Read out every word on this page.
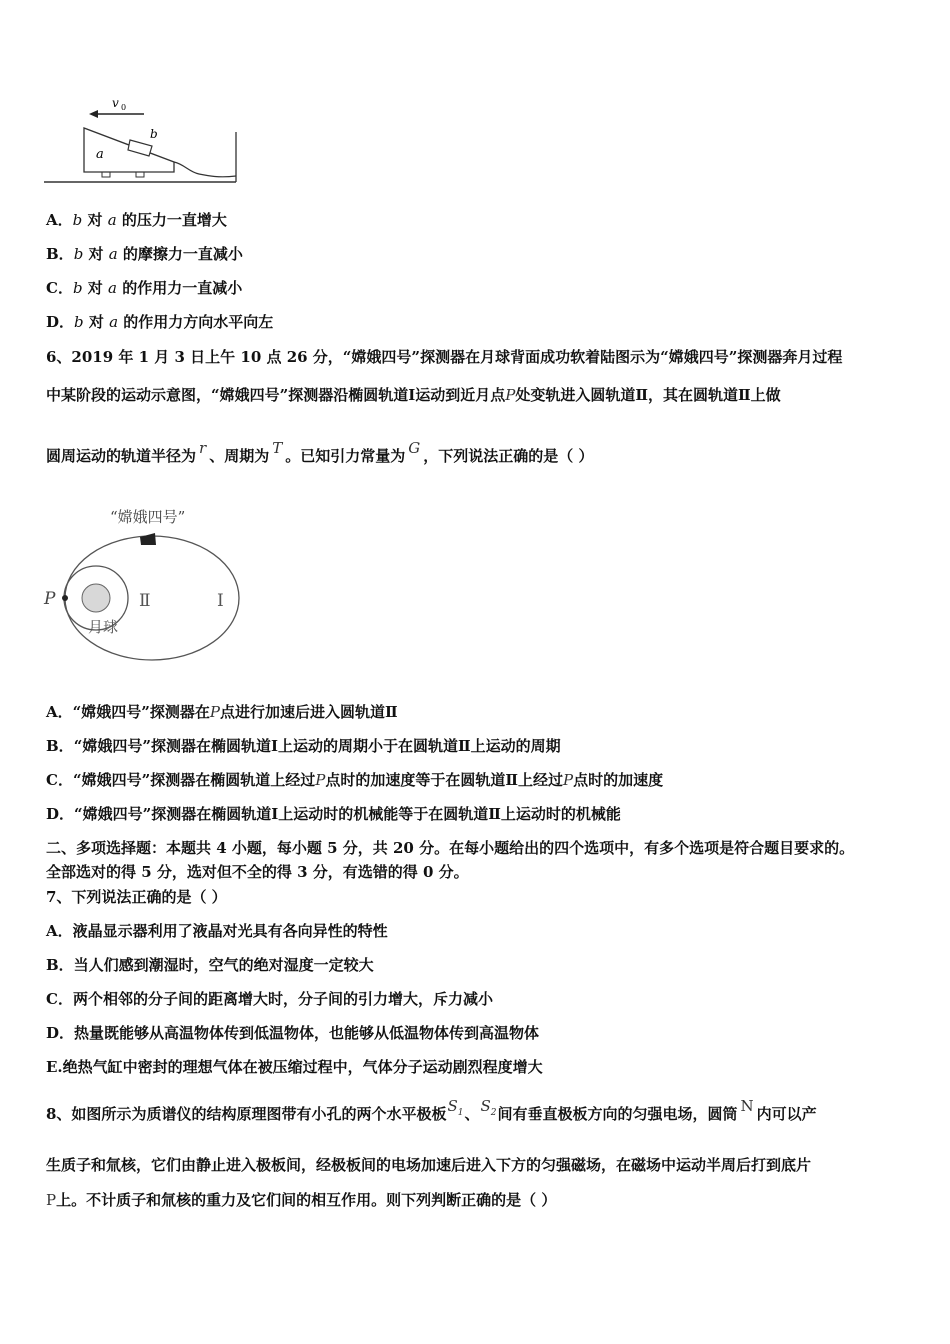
v 0
b
a
A．b 对 a 的压力一直增大
B．b 对 a 的摩擦力一直减小
C．b 对 a 的作用力一直减小
D．b 对 a 的作用力方向水平向左
6、2019 年 1 月 3 日上午 10 点 26 分，“嫦娥四号”探测器在月球背面成功软着陆图示为“嫦娥四号”探测器奔月过程
中某阶段的运动示意图，“嫦娥四号”探测器沿椭圆轨道Ⅰ运动到近月点P处变轨进入圆轨道Ⅱ，其在圆轨道Ⅱ上做
圆周运动的轨道半径为 r 、周期为 T 。已知引力常量为 G ，下列说法正确的是（ ）
“嫦娥四号”
P	Ⅱ	Ⅰ
月球
A．“嫦娥四号”探测器在P点进行加速后进入圆轨道Ⅱ
B．“嫦娥四号”探测器在椭圆轨道Ⅰ上运动的周期小于在圆轨道Ⅱ上运动的周期
C．“嫦娥四号”探测器在椭圆轨道上经过P点时的加速度等于在圆轨道Ⅱ上经过P点时的加速度
D．“嫦娥四号”探测器在椭圆轨道Ⅰ上运动时的机械能等于在圆轨道Ⅱ上运动时的机械能
二、多项选择题：本题共 4 小题，每小题 5 分，共 20 分。在每小题给出的四个选项中，有多个选项是符合题目要求的。
全部选对的得 5 分，选对但不全的得 3 分，有选错的得 0 分。
7、下列说法正确的是（ ）
A．液晶显示器利用了液晶对光具有各向异性的特性
B．当人们感到潮湿时，空气的绝对湿度一定较大
C．两个相邻的分子间的距离增大时，分子间的引力增大，斥力减小
D．热量既能够从高温物体传到低温物体，也能够从低温物体传到高温物体
E.绝热气缸中密封的理想气体在被压缩过程中，气体分子运动剧烈程度增大
8、如图所示为质谱仪的结构原理图带有小孔的两个水平极板$S_1$、$S_2$间有垂直极板方向的匀强电场，圆筒 N 内可以产
生质子和氚核，它们由静止进入极板间，经极板间的电场加速后进入下方的匀强磁场，在磁场中运动半周后打到底片
P上。不计质子和氚核的重力及它们间的相互作用。则下列判断正确的是（ ）
